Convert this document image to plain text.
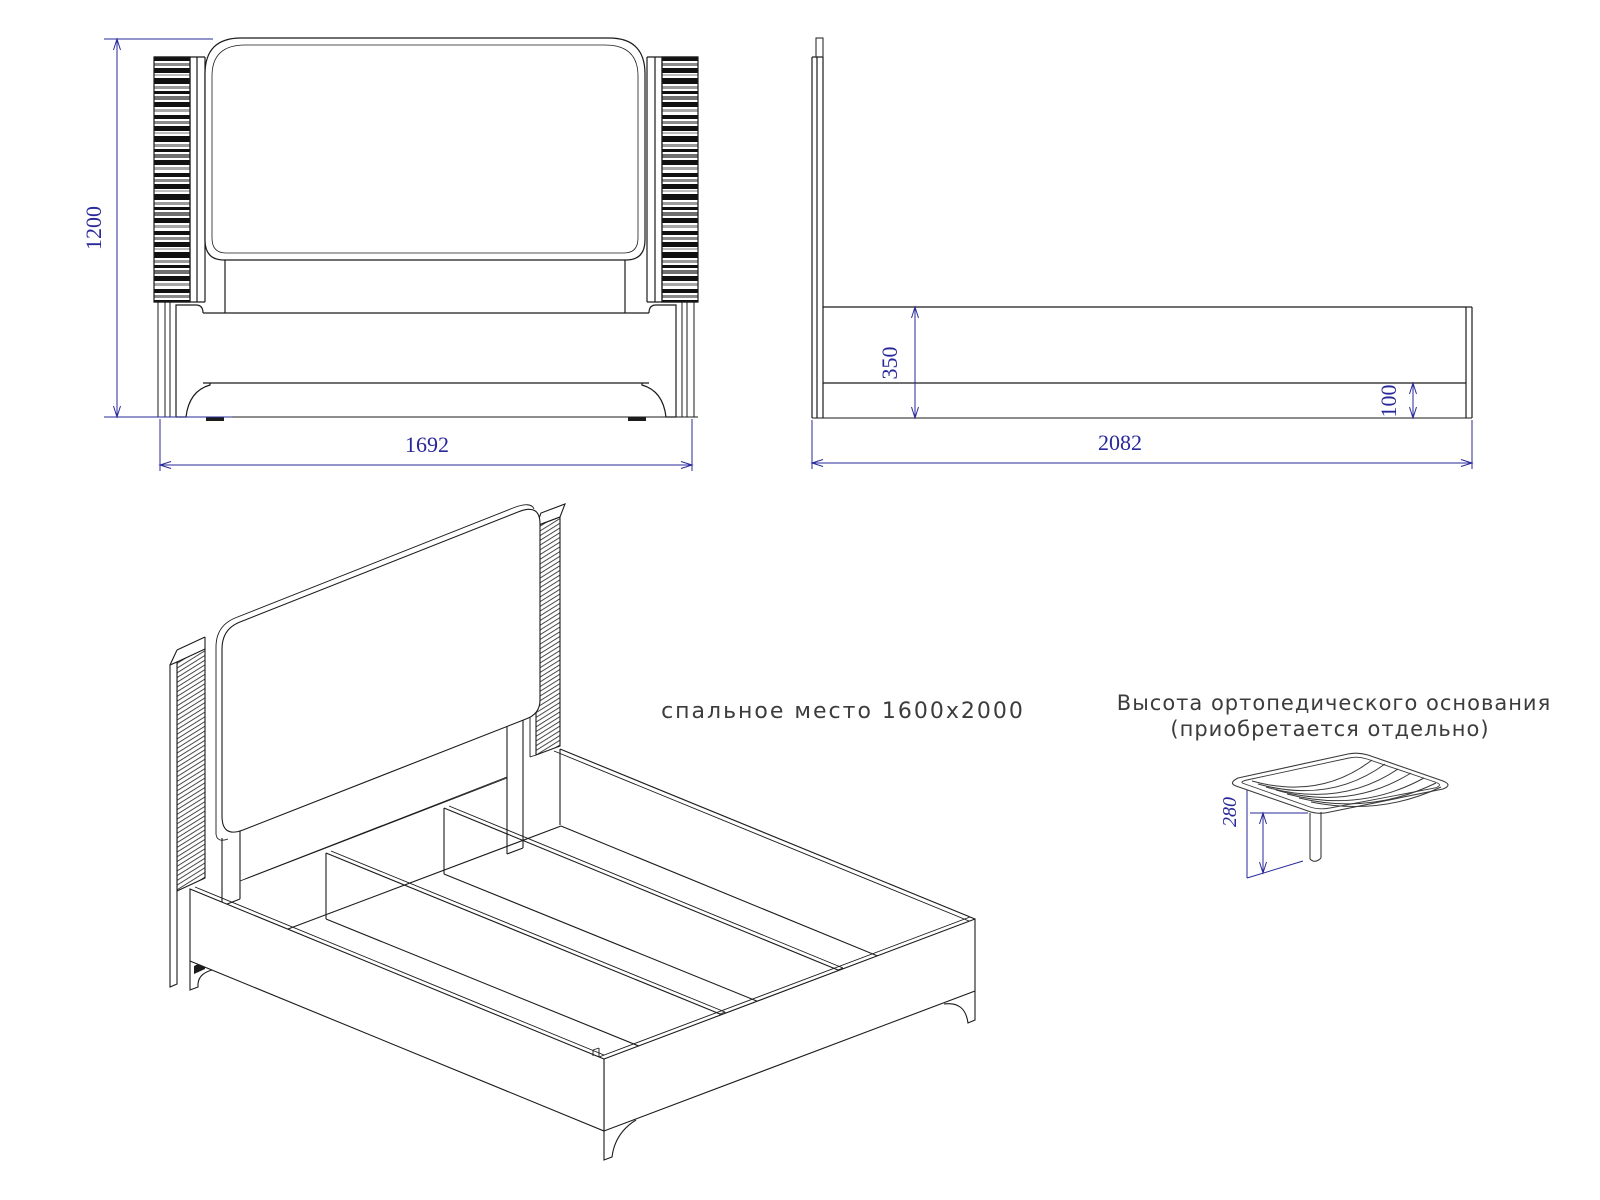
1200
1692
350
100
2082
спальное место 1600x2000
280
Высота ортопедического основания
(приобретается отдельно)
